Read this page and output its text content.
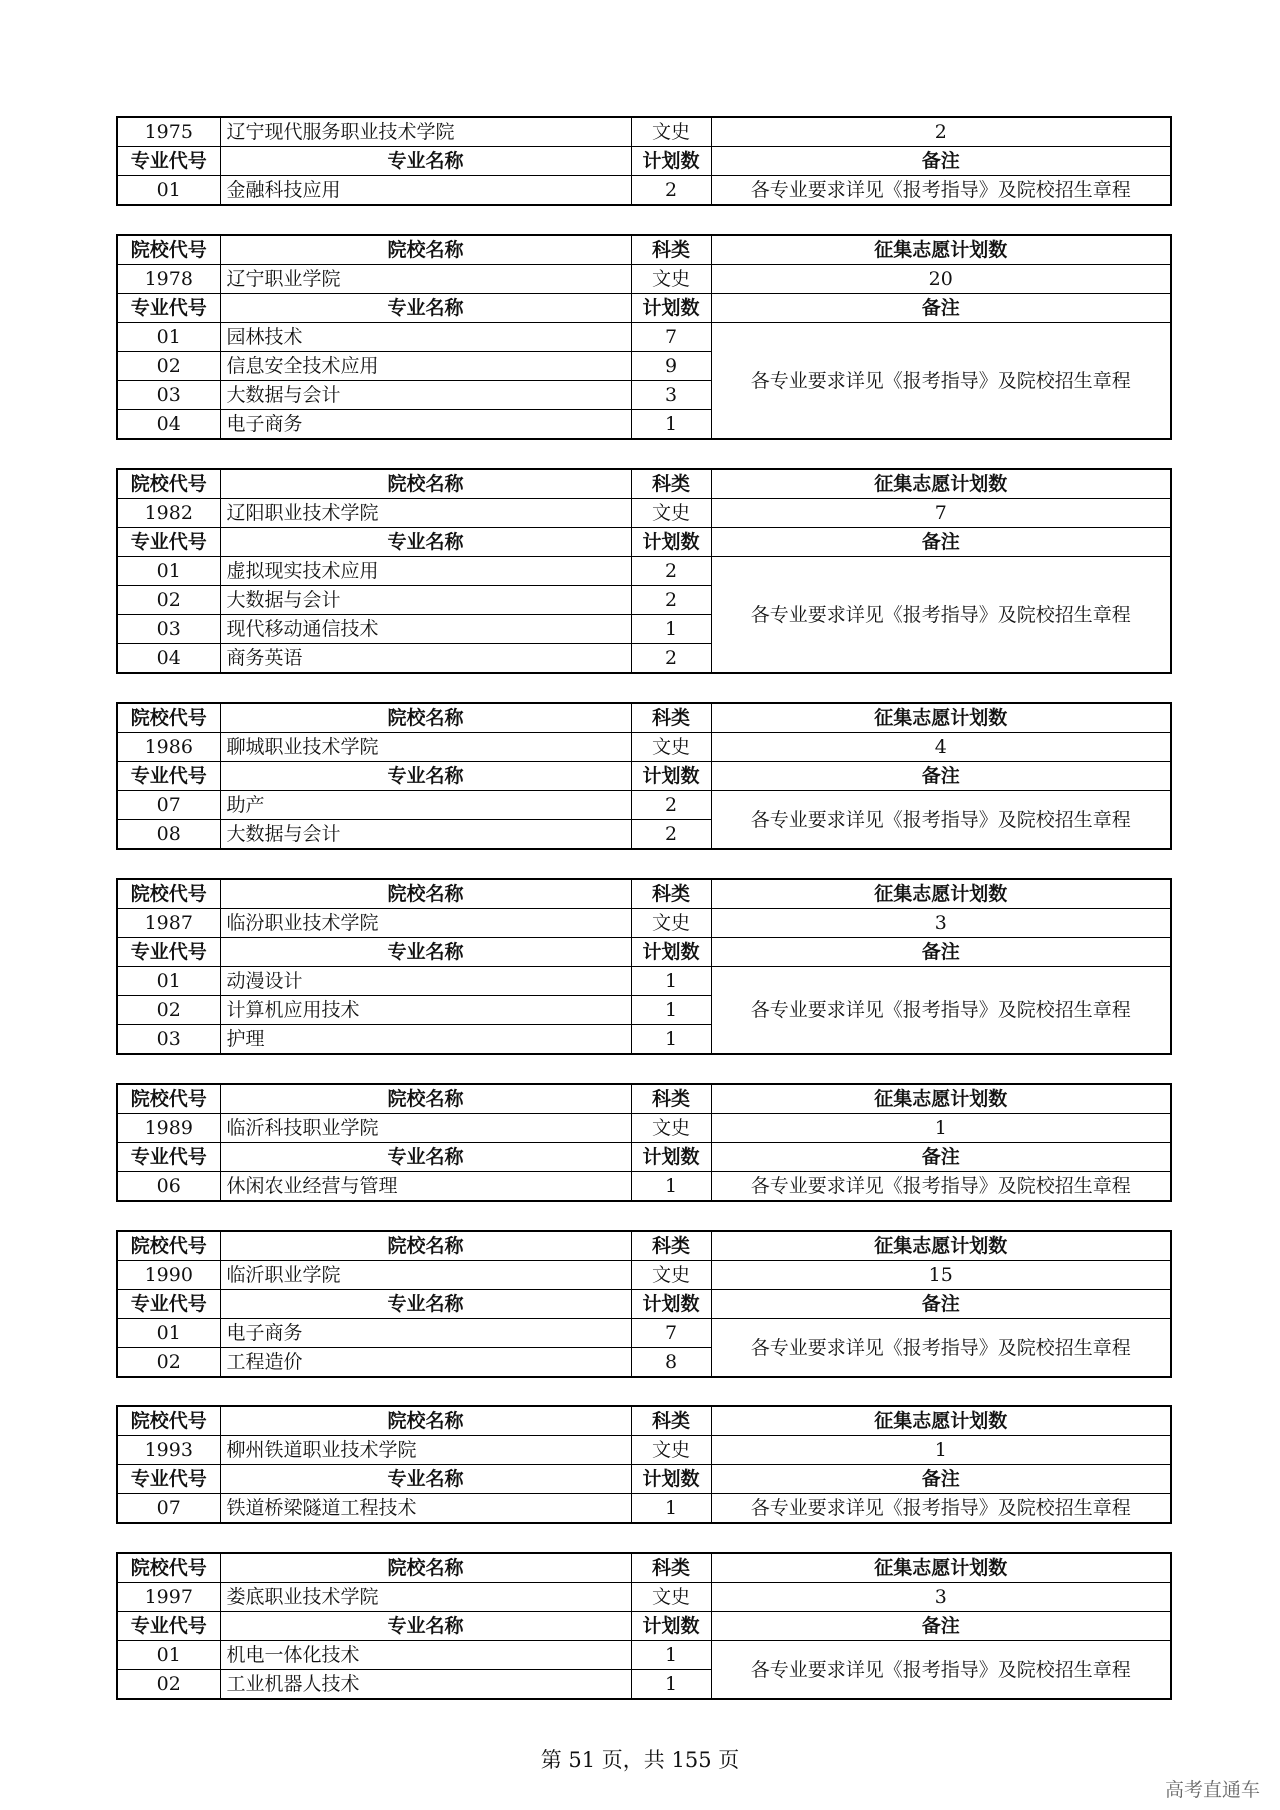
1975	辽宁现代服务职业技术学院	文史	2
专业代号	专业名称	计划数	备注
01	金融科技应用	2	各专业要求详见《报考指导》及院校招生章程
院校代号	院校名称	科类	征集志愿计划数
1978	辽宁职业学院	文史	20
专业代号	专业名称	计划数	备注
01	园林技术	7	各专业要求详见《报考指导》及院校招生章程
02	信息安全技术应用	9	
03	大数据与会计	3	
04	电子商务	1	
院校代号	院校名称	科类	征集志愿计划数
1982	辽阳职业技术学院	文史	7
专业代号	专业名称	计划数	备注
01	虚拟现实技术应用	2	各专业要求详见《报考指导》及院校招生章程
02	大数据与会计	2	
03	现代移动通信技术	1	
04	商务英语	2	
院校代号	院校名称	科类	征集志愿计划数
1986	聊城职业技术学院	文史	4
专业代号	专业名称	计划数	备注
07	助产	2	各专业要求详见《报考指导》及院校招生章程
08	大数据与会计	2	
院校代号	院校名称	科类	征集志愿计划数
1987	临汾职业技术学院	文史	3
专业代号	专业名称	计划数	备注
01	动漫设计	1	各专业要求详见《报考指导》及院校招生章程
02	计算机应用技术	1	
03	护理	1	
院校代号	院校名称	科类	征集志愿计划数
1989	临沂科技职业学院	文史	1
专业代号	专业名称	计划数	备注
06	休闲农业经营与管理	1	各专业要求详见《报考指导》及院校招生章程
院校代号	院校名称	科类	征集志愿计划数
1990	临沂职业学院	文史	15
专业代号	专业名称	计划数	备注
01	电子商务	7	各专业要求详见《报考指导》及院校招生章程
02	工程造价	8	
院校代号	院校名称	科类	征集志愿计划数
1993	柳州铁道职业技术学院	文史	1
专业代号	专业名称	计划数	备注
07	铁道桥梁隧道工程技术	1	各专业要求详见《报考指导》及院校招生章程
院校代号	院校名称	科类	征集志愿计划数
1997	娄底职业技术学院	文史	3
专业代号	专业名称	计划数	备注
01	机电一体化技术	1	各专业要求详见《报考指导》及院校招生章程
02	工业机器人技术	1	
第 51 页，共 155 页
高考直通车
